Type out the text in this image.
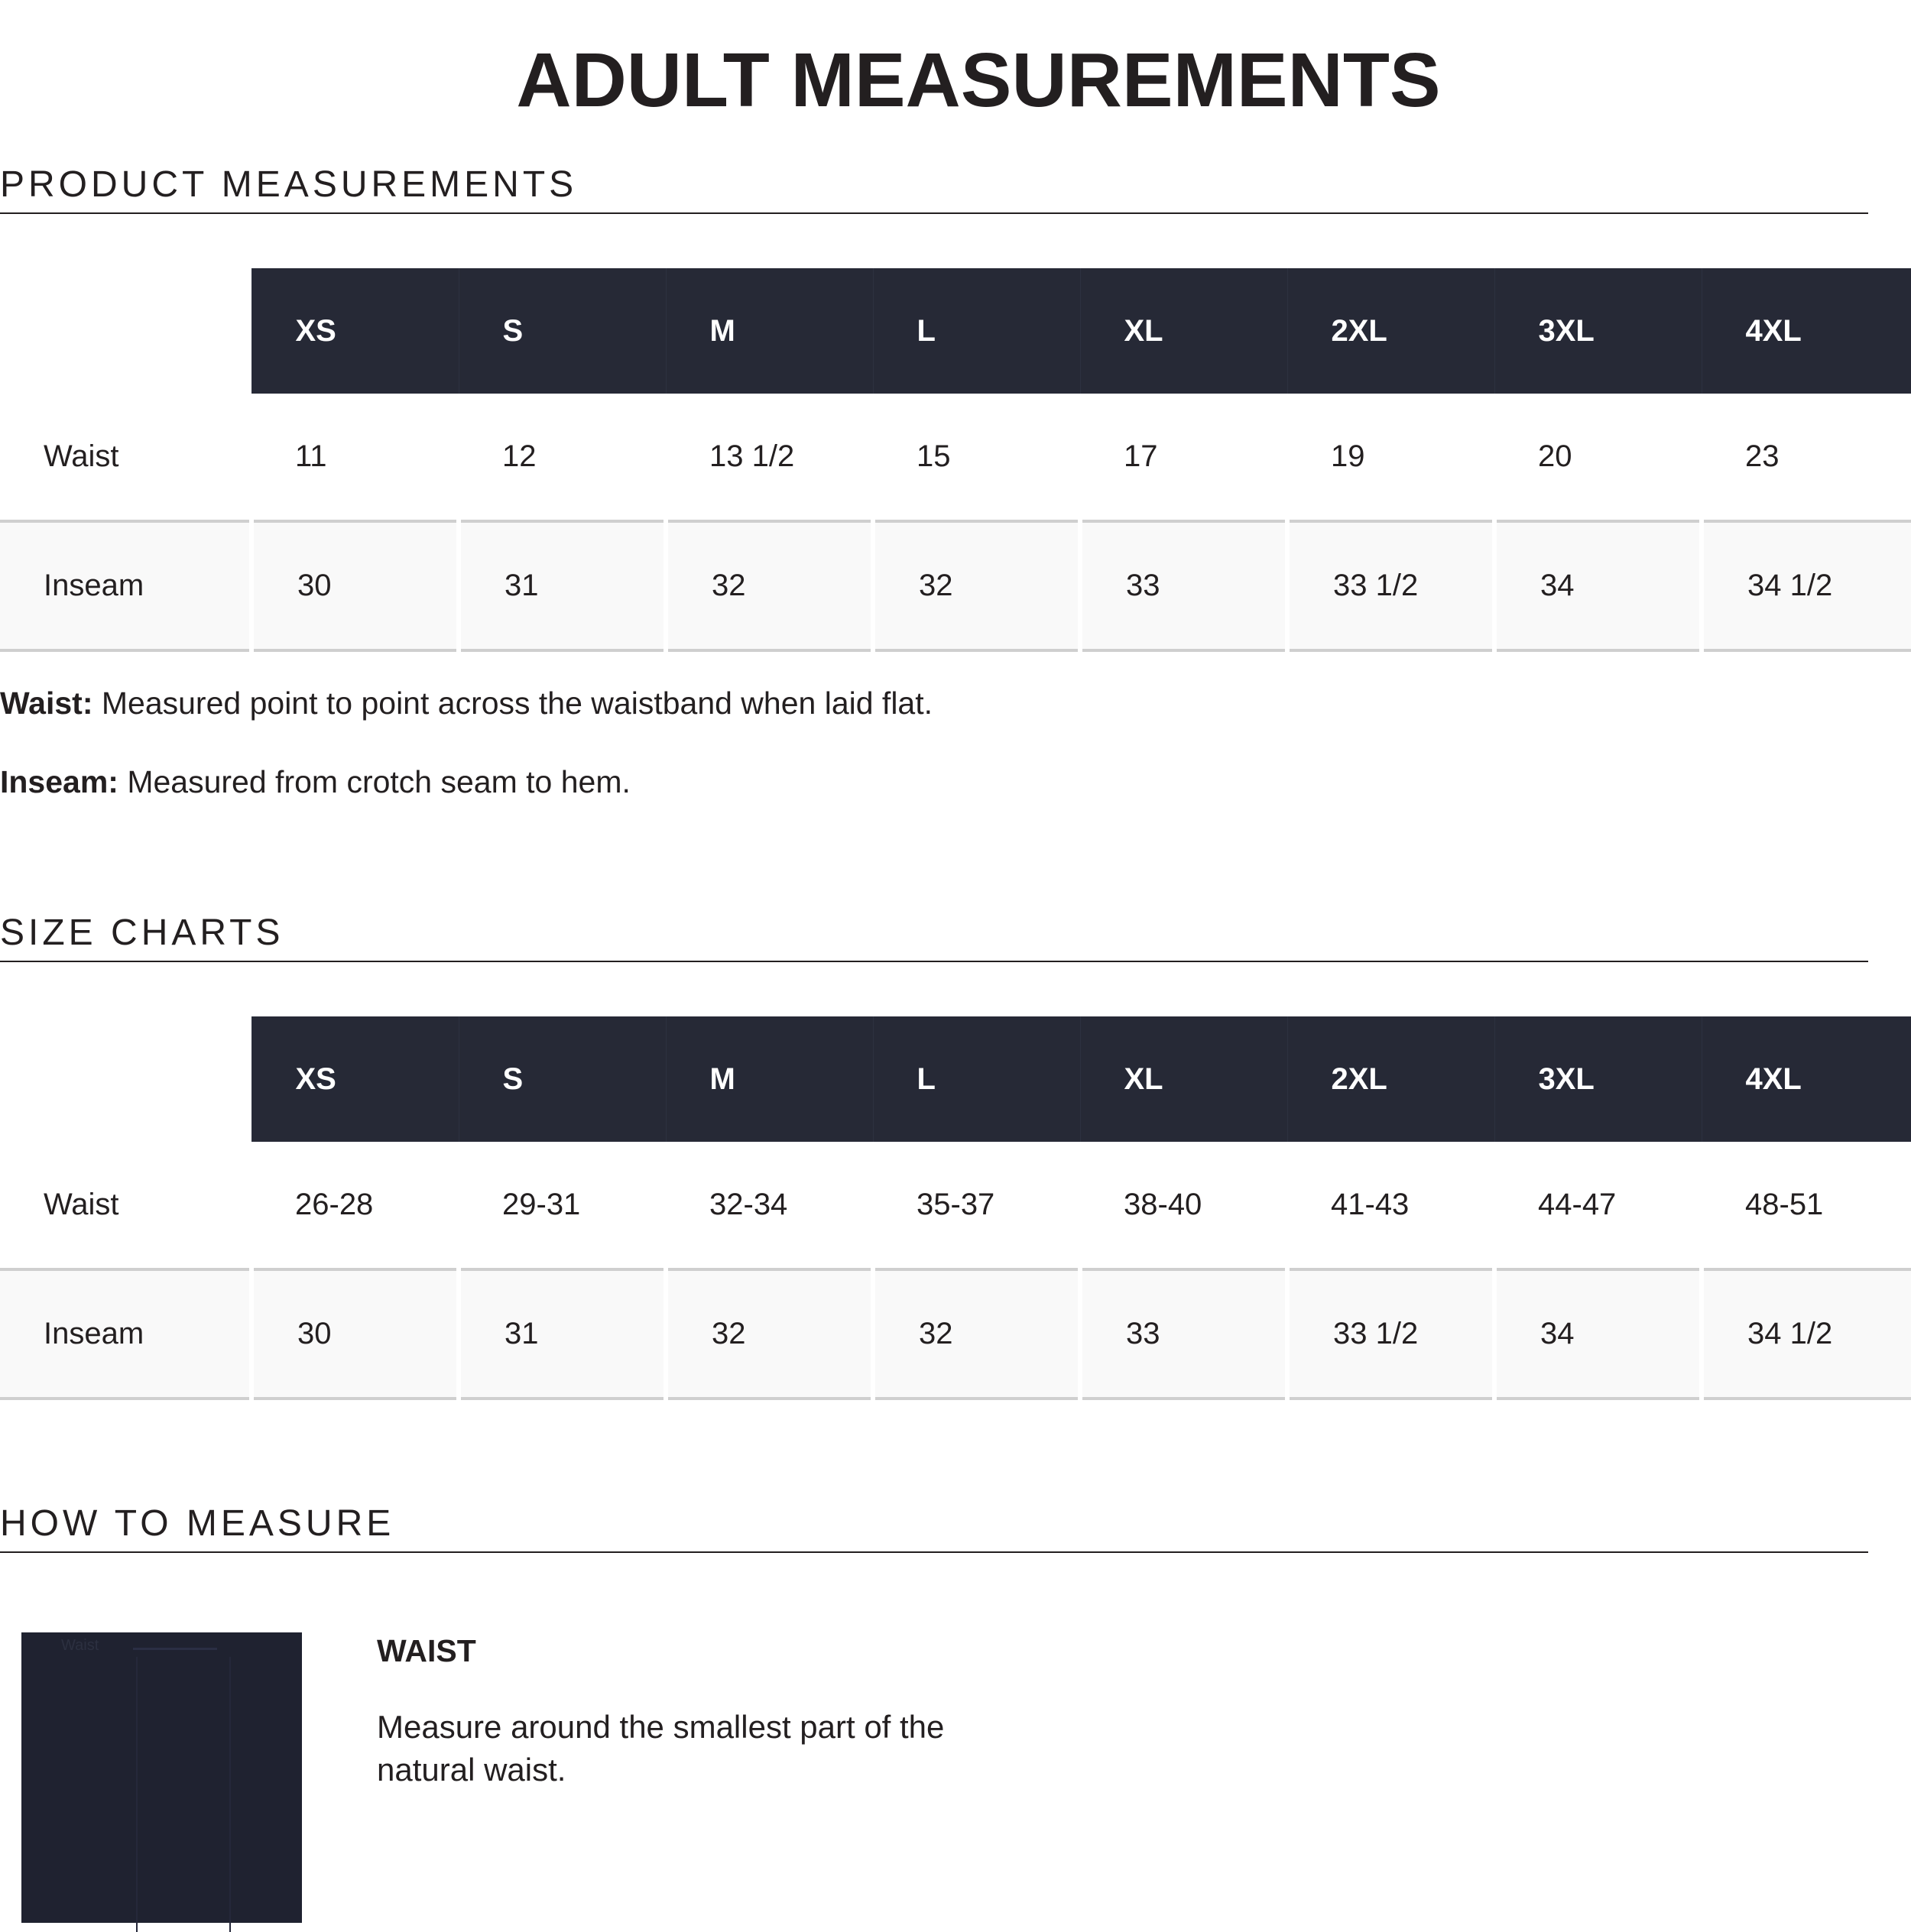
ADULT MEASUREMENTS
PRODUCT MEASUREMENTS
	XS	S	M	L	XL	2XL	3XL	4XL
Waist	11	12	13 1/2	15	17	19	20	23
Inseam	30	31	32	32	33	33 1/2	34	34 1/2
Waist: Measured point to point across the waistband when laid flat.
Inseam: Measured from crotch seam to hem.
SIZE CHARTS
	XS	S	M	L	XL	2XL	3XL	4XL
Waist	26-28	29-31	32-34	35-37	38-40	41-43	44-47	48-51
Inseam	30	31	32	32	33	33 1/2	34	34 1/2
HOW TO MEASURE
Waist	WAIST
Measure around the smallest part of the natural waist.
